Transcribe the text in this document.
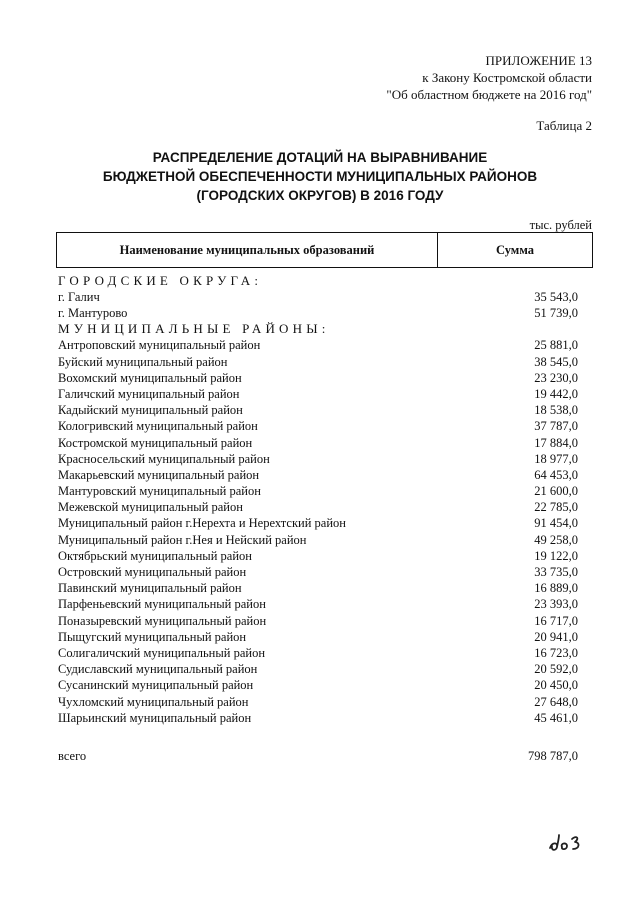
ПРИЛОЖЕНИЕ 13
к Закону Костромской области
"Об областном бюджете на 2016 год"
Таблица 2
РАСПРЕДЕЛЕНИЕ ДОТАЦИЙ НА ВЫРАВНИВАНИЕ
БЮДЖЕТНОЙ ОБЕСПЕЧЕННОСТИ МУНИЦИПАЛЬНЫХ РАЙОНОВ
(ГОРОДСКИХ ОКРУГОВ) В 2016 ГОДУ
тыс. рублей
Наименование муниципальных образований	Сумма
ГОРОДСКИЕ ОКРУГА:
г. Галич	35 543,0
г. Мантурово	51 739,0
МУНИЦИПАЛЬНЫЕ РАЙОНЫ:
Антроповский муниципальный район	25 881,0
Буйский муниципальный район	38 545,0
Вохомский муниципальный район	23 230,0
Галичский муниципальный район	19 442,0
Кадыйский муниципальный район	18 538,0
Кологривский муниципальный район	37 787,0
Костромской муниципальный район	17 884,0
Красносельский муниципальный район	18 977,0
Макарьевский муниципальный район	64 453,0
Мантуровский муниципальный район	21 600,0
Межевской муниципальный район	22 785,0
Муниципальный район г.Нерехта и Нерехтский район	91 454,0
Муниципальный район г.Нея и Нейский район	49 258,0
Октябрьский муниципальный район	19 122,0
Островский муниципальный район	33 735,0
Павинский муниципальный район	16 889,0
Парфеньевский муниципальный район	23 393,0
Поназыревский муниципальный район	16 717,0
Пыщугский муниципальный район	20 941,0
Солигаличский муниципальный район	16 723,0
Судиславский муниципальный район	20 592,0
Сусанинский муниципальный район	20 450,0
Чухломский муниципальный район	27 648,0
Шарьинский муниципальный район	45 461,0
всего	798 787,0
